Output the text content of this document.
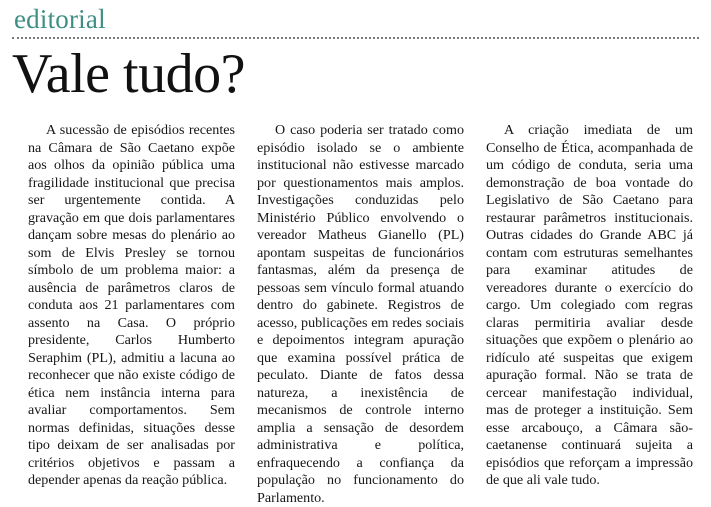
editorial
Vale tudo?

A sucessão de episódios recentes na Câmara de São Caetano expõe aos olhos da opinião pública uma fragilidade institucional que precisa ser urgentemente contida. A gravação em que dois parlamentares dançam sobre mesas do plenário ao som de Elvis Presley se tornou símbolo de um problema maior: a ausência de parâmetros claros de conduta aos 21 parlamentares com assento na Casa. O próprio presidente, Carlos Humberto Seraphim (PL), admitiu a lacuna ao reconhecer que não existe código de ética nem instância interna para avaliar comportamentos. Sem normas definidas, situações desse tipo deixam de ser analisadas por critérios objetivos e passam a depender apenas da reação pública.

O caso poderia ser tratado como episódio isolado se o ambiente institucional não estivesse marcado por questionamentos mais amplos. Investigações conduzidas pelo Ministério Público envolvendo o vereador Matheus Gianello (PL) apontam suspeitas de funcionários fantasmas, além da presença de pessoas sem vínculo formal atuando dentro do gabinete. Registros de acesso, publicações em redes sociais e depoimentos integram apuração que examina possível prática de peculato. Diante de fatos dessa natureza, a inexistência de mecanismos de controle interno amplia a sensação de desordem administrativa e política, enfraquecendo a confiança da população no funcionamento do Parlamento.

A criação imediata de um Conselho de Ética, acompanhada de um código de conduta, seria uma demonstração de boa vontade do Legislativo de São Caetano para restaurar parâmetros institucionais. Outras cidades do Grande ABC já contam com estruturas semelhantes para examinar atitudes de vereadores durante o exercício do cargo. Um colegiado com regras claras permitiria avaliar desde situações que expõem o plenário ao ridículo até suspeitas que exigem apuração formal. Não se trata de cercear manifestação individual, mas de proteger a instituição. Sem esse arcabouço, a Câmara são-caetanense continuará sujeita a episódios que reforçam a impressão de que ali vale tudo.
